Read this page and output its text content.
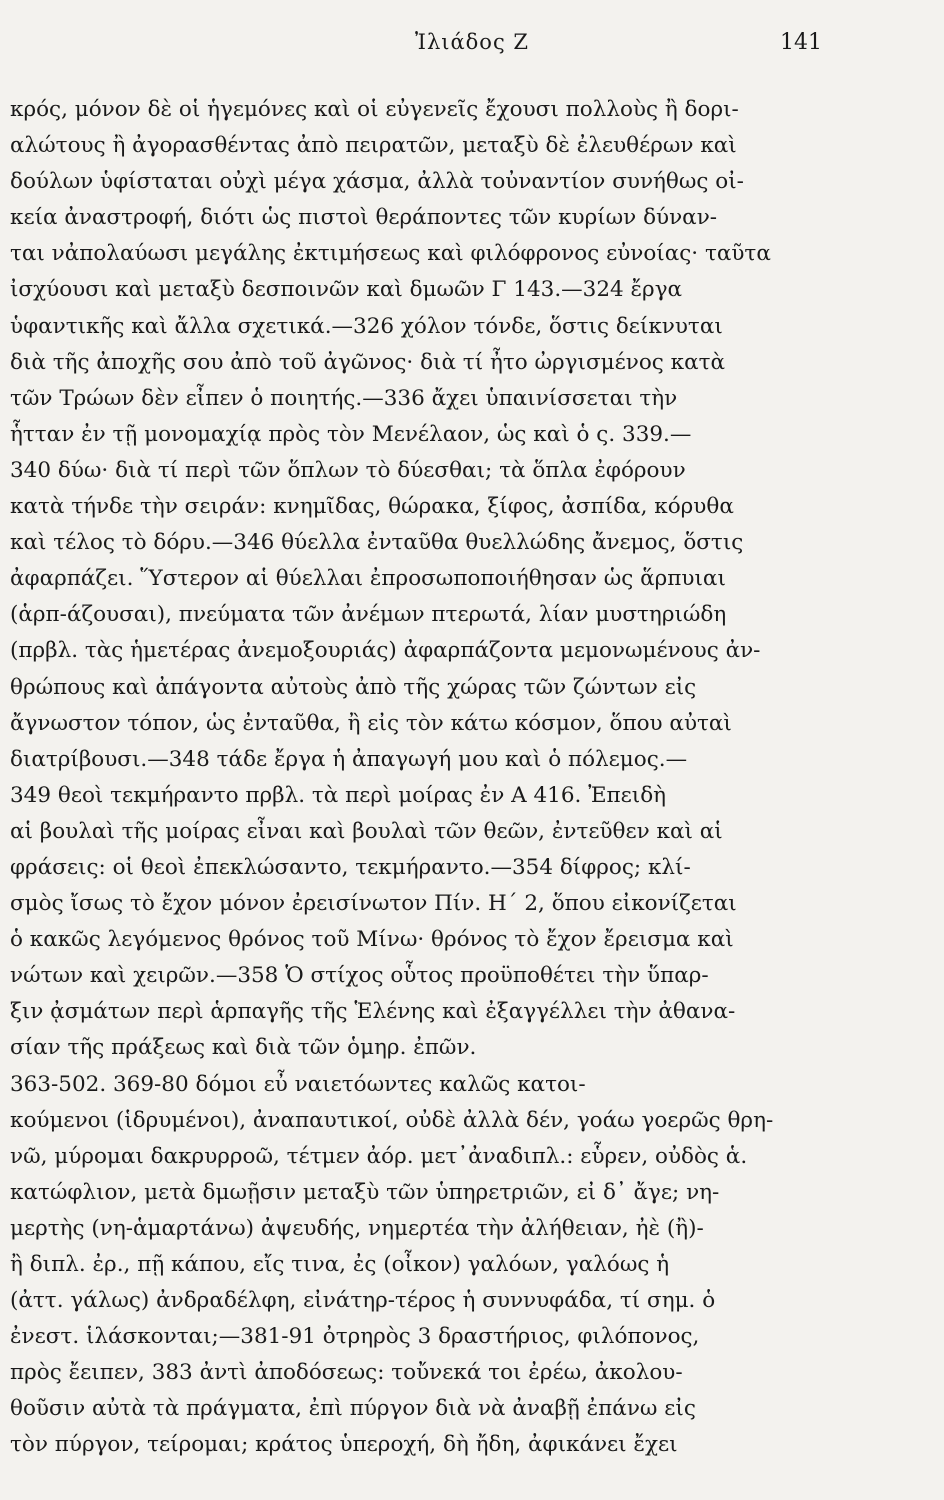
Ἰλιάδος Ζ	141
κρός, μόνον δὲ οἱ ἡγεμόνες καὶ οἱ εὐγενεῖς ἔχουσι πολλοὺς ἢ δορι-
αλώτους ἢ ἀγορασθέντας ἀπὸ πειρατῶν, μεταξὺ δὲ ἐλευθέρων καὶ
δούλων ὑφίσταται οὐχὶ μέγα χάσμα, ἀλλὰ τοὐναντίον συνήθως οἰ-
κεία ἀναστροφή, διότι ὡς πιστοὶ θεράποντες τῶν κυρίων δύναν-
ται νἀπολαύωσι μεγάλης ἐκτιμήσεως καὶ φιλόφρονος εὐνοίας· ταῦτα
ἰσχύουσι καὶ μεταξὺ δεσποινῶν καὶ δμωῶν Γ 143.—324 ἔργα
ὑφαντικῆς καὶ ἄλλα σχετικά.—326 χόλον τόνδε, ὅστις δείκνυται
διὰ τῆς ἀποχῆς σου ἀπὸ τοῦ ἀγῶνος· διὰ τί ἦτο ὠργισμένος κατὰ
τῶν Τρώων δὲν εἶπεν ὁ ποιητής.—336 ἄχει ὑπαινίσσεται τὴν
ἧτταν ἐν τῇ μονομαχίᾳ πρὸς τὸν Μενέλαον, ὡς καὶ ὁ ς. 339.—
340 δύω· διὰ τί περὶ τῶν ὅπλων τὸ δύεσθαι; τὰ ὅπλα ἐφόρουν
κατὰ τήνδε τὴν σειράν: κνημῖδας, θώρακα, ξίφος, ἀσπίδα, κόρυθα
καὶ τέλος τὸ δόρυ.—346 θύελλα ἐνταῦθα θυελλώδης ἄνεμος, ὅστις
ἀφαρπάζει. Ὕστερον αἱ θύελλαι ἐπροσωποποιήθησαν ὡς ἅρπυιαι
(ἁρπ-άζουσαι), πνεύματα τῶν ἀνέμων πτερωτά, λίαν μυστηριώδη
(πρβλ. τὰς ἡμετέρας ἀνεμοξουριάς) ἀφαρπάζοντα μεμονωμένους ἀν-
θρώπους καὶ ἀπάγοντα αὐτοὺς ἀπὸ τῆς χώρας τῶν ζώντων εἰς
ἄγνωστον τόπον, ὡς ἐνταῦθα, ἢ εἰς τὸν κάτω κόσμον, ὅπου αὐταὶ
διατρίβουσι.—348 τάδε ἔργα ἡ ἀπαγωγή μου καὶ ὁ πόλεμος.—
349 θεοὶ τεκμήραντο πρβλ. τὰ περὶ μοίρας ἐν Α 416. Ἐπειδὴ
αἱ βουλαὶ τῆς μοίρας εἶναι καὶ βουλαὶ τῶν θεῶν, ἐντεῦθεν καὶ αἱ
φράσεις: οἱ θεοὶ ἐπεκλώσαντο, τεκμήραντο.—354 δίφρος; κλί-
σμὸς ἴσως τὸ ἔχον μόνον ἐρεισίνωτον Πίν. Η΄ 2, ὅπου εἰκονίζεται
ὁ κακῶς λεγόμενος θρόνος τοῦ Μίνω· θρόνος τὸ ἔχον ἔρεισμα καὶ
νώτων καὶ χειρῶν.—358 Ὁ στίχος οὗτος προϋποθέτει τὴν ὕπαρ-
ξιν ᾀσμάτων περὶ ἁρπαγῆς τῆς Ἑλένης καὶ ἐξαγγέλλει τὴν ἀθανα-
σίαν τῆς πράξεως καὶ διὰ τῶν ὁμηρ. ἐπῶν.
363-502. 369-80 δόμοι εὖ ναιετόωντες καλῶς κατοι-
κούμενοι (ἱδρυμένοι), ἀναπαυτικοί, οὐδὲ ἀλλὰ δέν, γοάω γοερῶς θρη-
νῶ, μύρομαι δακρυρροῶ, τέτμεν ἀόρ. μετ᾽ἀναδιπλ.: εὗρεν, οὐδὸς ἁ.
κατώφλιον, μετὰ δμωῇσιν μεταξὺ τῶν ὑπηρετριῶν, εἰ δ᾽ ἄγε; νη-
μερτὴς (νη-ἁμαρτάνω) ἀψευδής, νημερτέα τὴν ἀλήθειαν, ἠὲ (ἢ)-
ἢ διπλ. ἐρ., πῇ κάπου, εἴς τινα, ἐς (οἶκον) γαλόων, γαλόως ἡ
(ἀττ. γάλως) ἀνδραδέλφη, εἰνάτηρ-τέρος ἡ συννυφάδα, τί σημ. ὁ
ἐνεστ. ἱλάσκονται;—381-91 ὀτρηρὸς 3 δραστήριος, φιλόπονος,
πρὸς ἔειπεν, 383 ἀντὶ ἀποδόσεως: τοὔνεκά τοι ἐρέω, ἀκολου-
θοῦσιν αὐτὰ τὰ πράγματα, ἐπὶ πύργον διὰ νὰ ἀναβῇ ἐπάνω εἰς
τὸν πύργον, τείρομαι; κράτος ὑπεροχή, δὴ ἤδη, ἀφικάνει ἔχει
